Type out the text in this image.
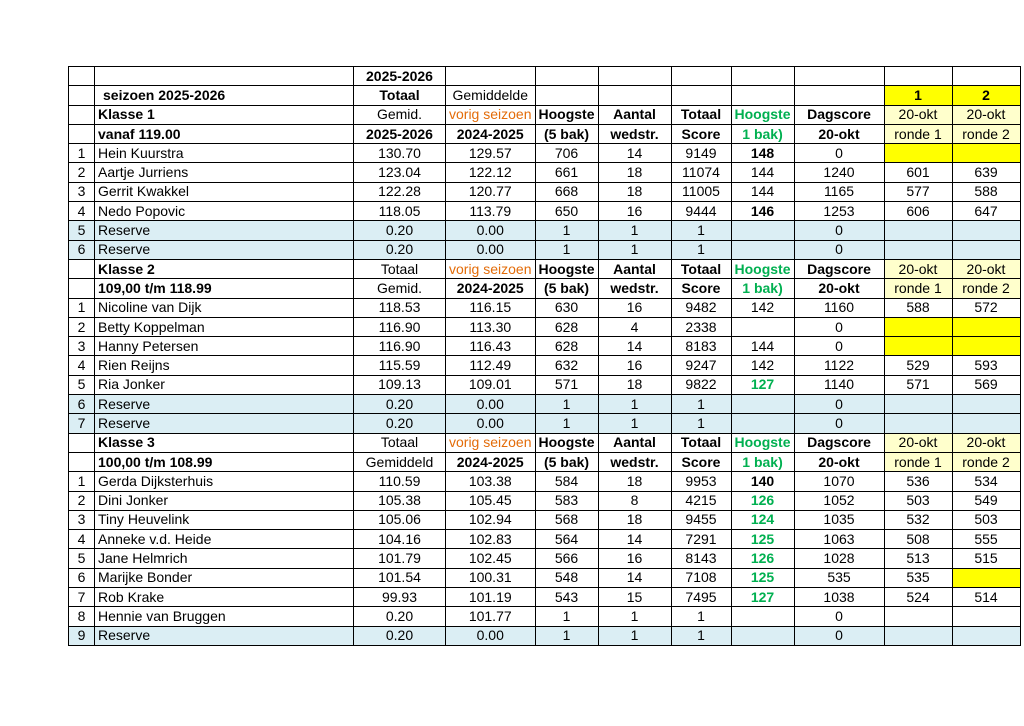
		2025-2026								
	seizoen 2025-2026	Totaal	Gemiddelde						1	2
	Klasse 1	Gemid.	vorig seizoen	Hoogste	Aantal	Totaal	Hoogste	Dagscore	20-okt	20-okt
	vanaf 119.00	2025-2026	2024-2025	(5 bak)	wedstr.	Score	1 bak)	20-okt	ronde 1	ronde 2
1	Hein Kuurstra	130.70	129.57	706	14	9149	148	0		
2	Aartje Jurriens	123.04	122.12	661	18	11074	144	1240	601	639
3	Gerrit Kwakkel	122.28	120.77	668	18	11005	144	1165	577	588
4	Nedo Popovic	118.05	113.79	650	16	9444	146	1253	606	647
5	Reserve	0.20	0.00	1	1	1		0		
6	Reserve	0.20	0.00	1	1	1		0		
	Klasse 2	Totaal	vorig seizoen	Hoogste	Aantal	Totaal	Hoogste	Dagscore	20-okt	20-okt
	109,00 t/m 118.99	Gemid.	2024-2025	(5 bak)	wedstr.	Score	1 bak)	20-okt	ronde 1	ronde 2
1	Nicoline van Dijk	118.53	116.15	630	16	9482	142	1160	588	572
2	Betty Koppelman	116.90	113.30	628	4	2338		0		
3	Hanny Petersen	116.90	116.43	628	14	8183	144	0		
4	Rien Reijns	115.59	112.49	632	16	9247	142	1122	529	593
5	Ria Jonker	109.13	109.01	571	18	9822	127	1140	571	569
6	Reserve	0.20	0.00	1	1	1		0		
7	Reserve	0.20	0.00	1	1	1		0		
	Klasse 3	Totaal	vorig seizoen	Hoogste	Aantal	Totaal	Hoogste	Dagscore	20-okt	20-okt
	100,00 t/m 108.99	Gemiddeld	2024-2025	(5 bak)	wedstr.	Score	1 bak)	20-okt	ronde 1	ronde 2
1	Gerda Dijksterhuis	110.59	103.38	584	18	9953	140	1070	536	534
2	Dini Jonker	105.38	105.45	583	8	4215	126	1052	503	549
3	Tiny Heuvelink	105.06	102.94	568	18	9455	124	1035	532	503
4	Anneke v.d. Heide	104.16	102.83	564	14	7291	125	1063	508	555
5	Jane Helmrich	101.79	102.45	566	16	8143	126	1028	513	515
6	Marijke Bonder	101.54	100.31	548	14	7108	125	535	535	
7	Rob Krake	99.93	101.19	543	15	7495	127	1038	524	514
8	Hennie van Bruggen	0.20	101.77	1	1	1		0		
9	Reserve	0.20	0.00	1	1	1		0		
